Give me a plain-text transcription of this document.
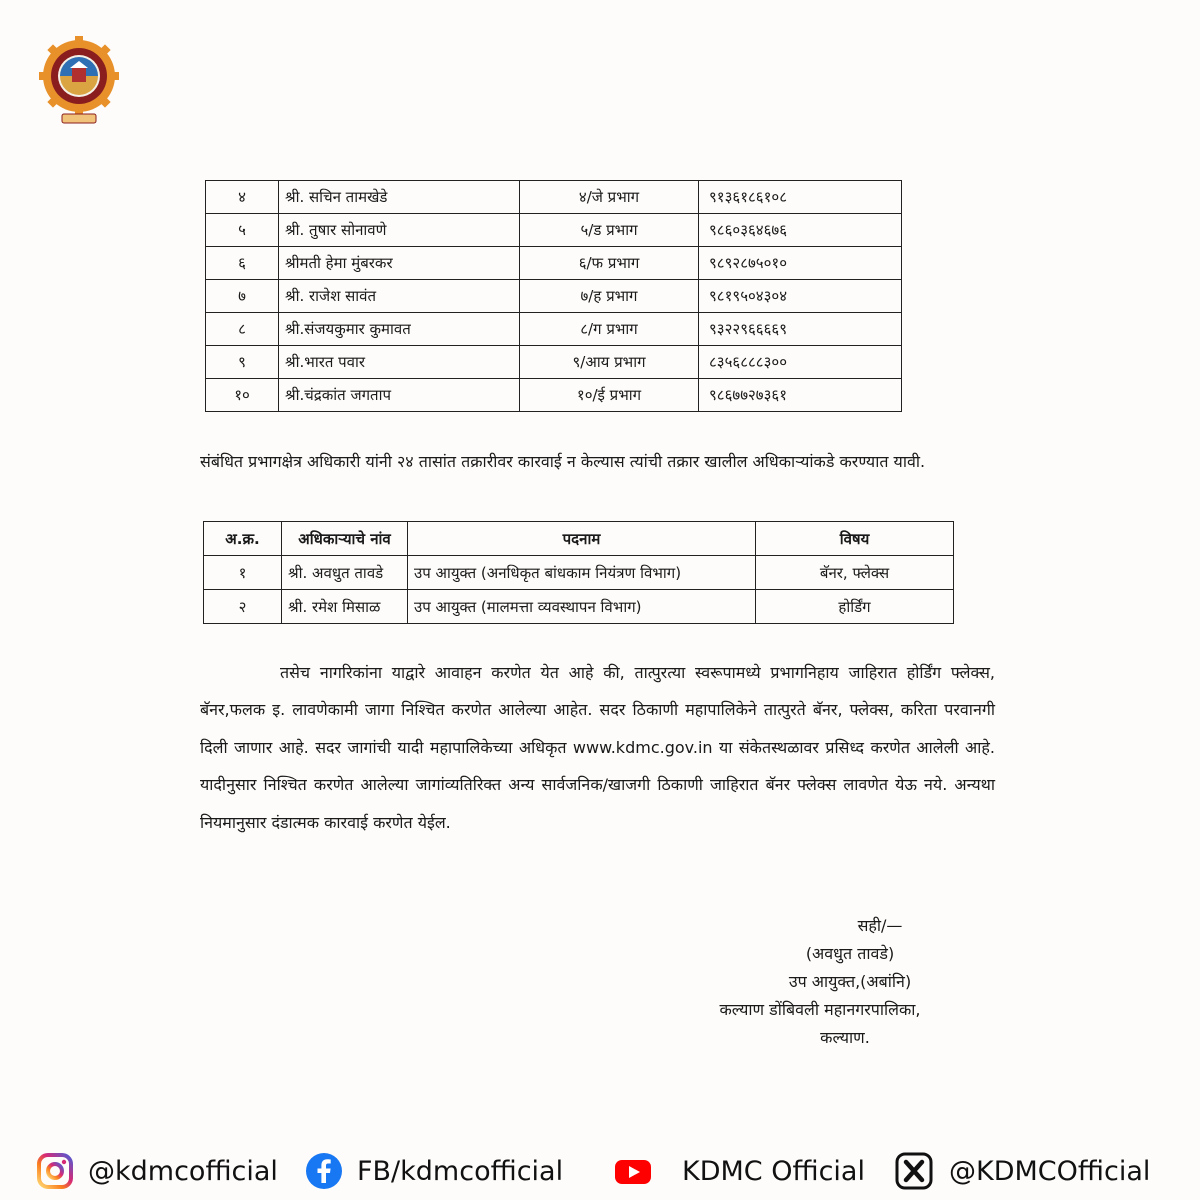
४	श्री. सचिन तामखेडे	४/जे प्रभाग	९१३६१८६१०८
५	श्री. तुषार सोनावणे	५/ड प्रभाग	९८६०३६४६७६
६	श्रीमती हेमा मुंबरकर	६/फ प्रभाग	९८९२८७५०१०
७	श्री. राजेश सावंत	७/ह प्रभाग	९८१९५०४३०४
८	श्री.संजयकुमार कुमावत	८/ग प्रभाग	९३२२९६६६६९
९	श्री.भारत पवार	९/आय प्रभाग	८३५६८८८३००
१०	श्री.चंद्रकांत जगताप	१०/ई प्रभाग	९८६७७२७३६१
संबंधित प्रभागक्षेत्र अधिकारी यांनी २४ तासांत तक्रारीवर कारवाई न केल्यास त्यांची तक्रार खालील अधिकाऱ्यांकडे करण्यात यावी.
अ.क्र.	अधिकाऱ्याचे नांव	पदनाम	विषय
१	श्री. अवधुत तावडे	उप आयुक्त (अनधिकृत बांधकाम नियंत्रण विभाग)	बॅनर, फ्लेक्स
२	श्री. रमेश मिसाळ	उप आयुक्त (मालमत्ता व्यवस्थापन विभाग)	होर्डिंग
तसेच नागरिकांना याद्वारे आवाहन करणेत येत आहे की, तात्पुरत्या स्वरूपामध्ये प्रभागनिहाय जाहिरात होर्डिंग फ्लेक्स, बॅनर,फलक इ. लावणेकामी जागा निश्चित करणेत आलेल्या आहेत. सदर ठिकाणी महापालिकेने तात्पुरते बॅनर, फ्लेक्स, करिता परवानगी दिली जाणार आहे. सदर जागांची यादी महापालिकेच्या अधिकृत www.kdmc.gov.in या संकेतस्थळावर प्रसिध्द करणेत आलेली आहे. यादीनुसार निश्चित करणेत आलेल्या जागांव्यतिरिक्त अन्य सार्वजनिक/खाजगी ठिकाणी जाहिरात बॅनर फ्लेक्स लावणेत येऊ नये. अन्यथा नियमानुसार दंडात्मक कारवाई करणेत येईल.
सही/—
(अवधुत तावडे)
उप आयुक्त,(अबांनि)
कल्याण डोंबिवली महानगरपालिका,
कल्याण.
@kdmcofficial	FB/kdmcofficial	KDMC Official	@KDMCOfficial
